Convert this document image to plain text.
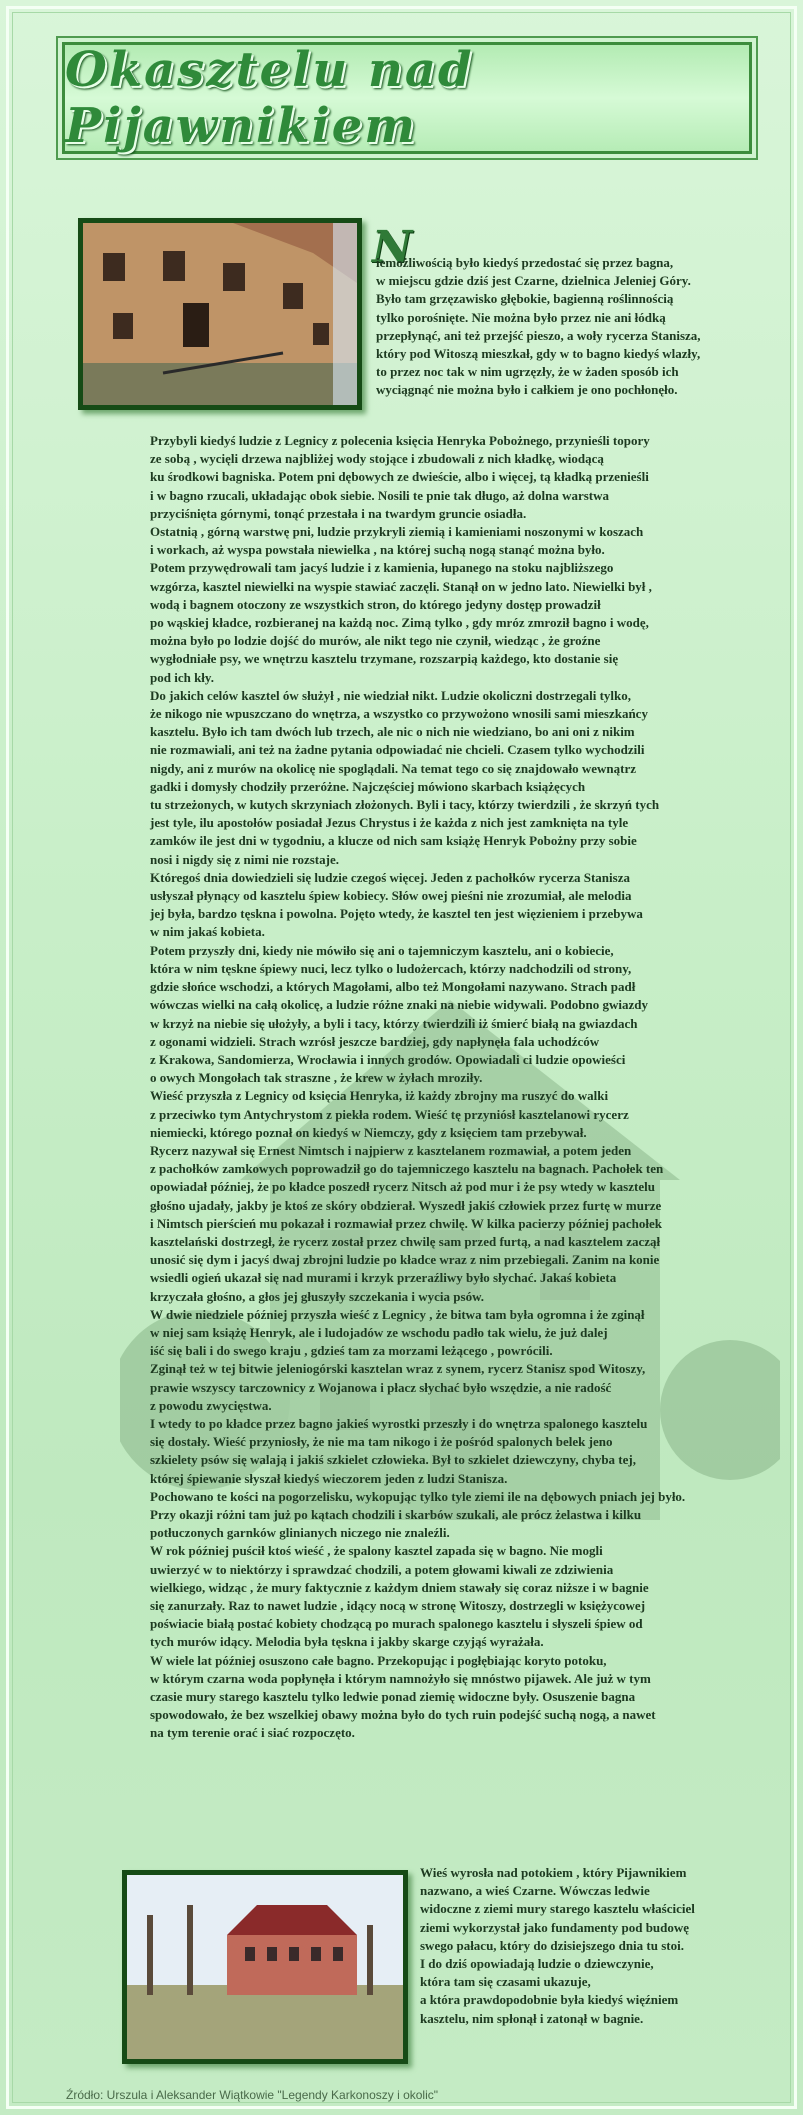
Okasztelu nad Pijawnikiem
N

iemożliwością było kiedyś przedostać się przez bagna,
w miejscu gdzie dziś jest Czarne, dzielnica Jeleniej Góry.
Było tam grzęzawisko głębokie, bagienną roślinnością
tylko porośnięte. Nie można było przez nie ani łódką
przepłynąć, ani też przejść pieszo, a woły rycerza Stanisza,
który pod Witoszą mieszkał, gdy w to bagno kiedyś wlazły,
to przez noc tak w nim ugrzęzły, że w żaden sposób ich
wyciągnąć nie można było i całkiem je ono pochłonęło.

Przybyli kiedyś ludzie z Legnicy z polecenia księcia Henryka Pobożnego, przynieśli topory
ze sobą , wycięli drzewa najbliżej wody stojące i zbudowali z nich kładkę, wiodącą
ku środkowi bagniska. Potem pni dębowych ze dwieście, albo i więcej, tą kładką przenieśli
i w bagno rzucali, układając obok siebie. Nosili te pnie tak długo, aż dolna warstwa
przyciśnięta górnymi, tonąć przestała i na twardym gruncie osiadła.
Ostatnią , górną warstwę pni, ludzie przykryli ziemią i kamieniami noszonymi w koszach
i workach, aż wyspa powstała niewielka , na której suchą nogą stanąć można było.
Potem przywędrowali tam jacyś ludzie i z kamienia, łupanego na stoku najbliższego
wzgórza, kasztel niewielki na wyspie stawiać zaczęli. Stanął on w jedno lato. Niewielki był ,
wodą i bagnem otoczony ze wszystkich stron, do którego jedyny dostęp prowadził
po wąskiej kładce, rozbieranej na każdą noc. Zimą tylko , gdy mróz zmroził bagno i wodę,
można było po lodzie dojść do murów, ale nikt tego nie czynił, wiedząc , że groźne
wygłodniałe psy, we wnętrzu kasztelu trzymane, rozszarpią każdego, kto dostanie się
pod ich kły.
Do jakich celów kasztel ów służył , nie wiedział nikt. Ludzie okoliczni dostrzegali tylko,
że nikogo nie wpuszczano do wnętrza, a wszystko co przywożono wnosili sami mieszkańcy
kasztelu. Było ich tam dwóch lub trzech, ale nic o nich nie wiedziano, bo ani oni z nikim
nie rozmawiali, ani też na żadne pytania odpowiadać nie chcieli. Czasem tylko wychodzili
nigdy, ani z murów na okolicę nie spoglądali. Na temat tego co się znajdowało wewnątrz
gadki i domysły chodziły przeróżne. Najczęściej mówiono skarbach książęcych
tu strzeżonych, w kutych skrzyniach złożonych. Byli i tacy, którzy twierdzili , że skrzyń tych
jest tyle, ilu apostołów posiadał Jezus Chrystus i że każda z nich jest zamknięta na tyle
zamków ile jest dni w tygodniu, a klucze od nich sam książę Henryk Pobożny przy sobie
nosi i nigdy się z nimi nie rozstaje.
Któregoś dnia dowiedzieli się ludzie czegoś więcej. Jeden z pachołków rycerza Stanisza
usłyszał płynący od kasztelu śpiew kobiecy. Słów owej pieśni nie zrozumiał, ale melodia
jej była, bardzo tęskna i powolna. Pojęto wtedy, że kasztel ten jest więzieniem i przebywa
w nim jakaś kobieta.
Potem przyszły dni, kiedy nie mówiło się ani o tajemniczym kasztelu, ani o kobiecie,
która w nim tęskne śpiewy nuci, lecz tylko o ludożercach, którzy nadchodzili od strony,
gdzie słońce wschodzi, a których Magołami, albo też Mongołami nazywano. Strach padł
wówczas wielki na całą okolicę, a ludzie różne znaki na niebie widywali. Podobno gwiazdy
w krzyż na niebie się ułożyły, a byli i tacy, którzy twierdzili iż śmierć białą na gwiazdach
z ogonami widzieli. Strach wzrósł jeszcze bardziej, gdy napłynęła fala uchodźców
z Krakowa, Sandomierza, Wrocławia i innych grodów. Opowiadali ci ludzie opowieści
o owych Mongołach tak straszne , że krew w żyłach mroziły.
Wieść przyszła z Legnicy od księcia Henryka, iż każdy zbrojny ma ruszyć do walki
z przeciwko tym Antychrystom z piekła rodem. Wieść tę przyniósł kasztelanowi rycerz
niemiecki, którego poznał on kiedyś w Niemczy, gdy z księciem tam przebywał.
Rycerz nazywał się Ernest Nimtsch i najpierw z kasztelanem rozmawiał, a potem jeden
z pachołków zamkowych poprowadził go do tajemniczego kasztelu na bagnach. Pachołek ten
opowiadał później, że po kładce poszedł rycerz Nitsch aż pod mur i że psy wtedy w kasztelu
głośno ujadały, jakby je ktoś ze skóry obdzierał. Wyszedł jakiś człowiek przez furtę w murze
i Nimtsch pierścień mu pokazał i rozmawiał przez chwilę. W kilka pacierzy później pachołek
kasztelański dostrzegł, że rycerz został przez chwilę sam przed furtą, a nad kasztelem zaczął
unosić się dym i jacyś dwaj zbrojni ludzie po kładce wraz z nim przebiegali. Zanim na konie
wsiedli ogień ukazał się nad murami i krzyk przeraźliwy było słychać. Jakaś kobieta
krzyczała głośno, a głos jej głuszyły szczekania i wycia psów.
W dwie niedziele później przyszła wieść z Legnicy , że bitwa tam była ogromna i że zginął
w niej sam książę Henryk, ale i ludojadów ze wschodu padło tak wielu, że już dalej
iść się bali i do swego kraju , gdzieś tam za morzami leżącego , powrócili.
Zginął też w tej bitwie jeleniogórski kasztelan wraz z synem, rycerz Stanisz spod Witoszy,
prawie wszyscy tarczownicy z Wojanowa i płacz słychać było wszędzie, a nie radość
z powodu zwycięstwa.
I wtedy to po kładce przez bagno jakieś wyrostki przeszły i do wnętrza spalonego kasztelu
się dostały. Wieść przyniosły, że nie ma tam nikogo i że pośród spalonych belek jeno
szkielety psów się walają i jakiś szkielet człowieka. Był to szkielet dziewczyny, chyba tej,
której śpiewanie słyszał kiedyś wieczorem jeden z ludzi Stanisza.
Pochowano te kości na pogorzelisku, wykopując tylko tyle ziemi ile na dębowych pniach jej było.
Przy okazji różni tam już po kątach chodzili i skarbów szukali, ale prócz żelastwa i kilku
potłuczonych garnków glinianych niczego nie znaleźli.
W rok później puścił ktoś wieść , że spalony kasztel zapada się w bagno. Nie mogli
uwierzyć w to niektórzy i sprawdzać chodzili, a potem głowami kiwali ze zdziwienia
wielkiego, widząc , że mury faktycznie z każdym dniem stawały się coraz niższe i w bagnie
się zanurzały. Raz to nawet ludzie , idący nocą w stronę Witoszy, dostrzegli w księżycowej
poświacie białą postać kobiety chodzącą po murach spalonego kasztelu i słyszeli śpiew od
tych murów idący. Melodia była tęskna i jakby skarge czyjąś wyrażała.
W wiele lat później osuszono całe bagno. Przekopując i pogłębiając koryto potoku,
w którym czarna woda popłynęła i którym namnożyło się mnóstwo pijawek. Ale już w tym
czasie mury starego kasztelu tylko ledwie ponad ziemię widoczne były. Osuszenie bagna
spowodowało, że bez wszelkiej obawy można było do tych ruin podejść suchą nogą, a nawet
na tym terenie orać i siać rozpoczęto.

Wieś wyrosła nad potokiem , który Pijawnikiem
nazwano, a wieś Czarne. Wówczas ledwie
widoczne z ziemi mury starego kasztelu właściciel
ziemi wykorzystał jako fundamenty pod budowę
swego pałacu, który do dzisiejszego dnia tu stoi.
I do dziś opowiadają ludzie o dziewczynie,
która tam się czasami ukazuje,
a która prawdopodobnie była kiedyś więźniem
kasztelu, nim spłonął i zatonął w bagnie.

Źródło: Urszula i Aleksander Wiątkowie "Legendy Karkonoszy i okolic"
